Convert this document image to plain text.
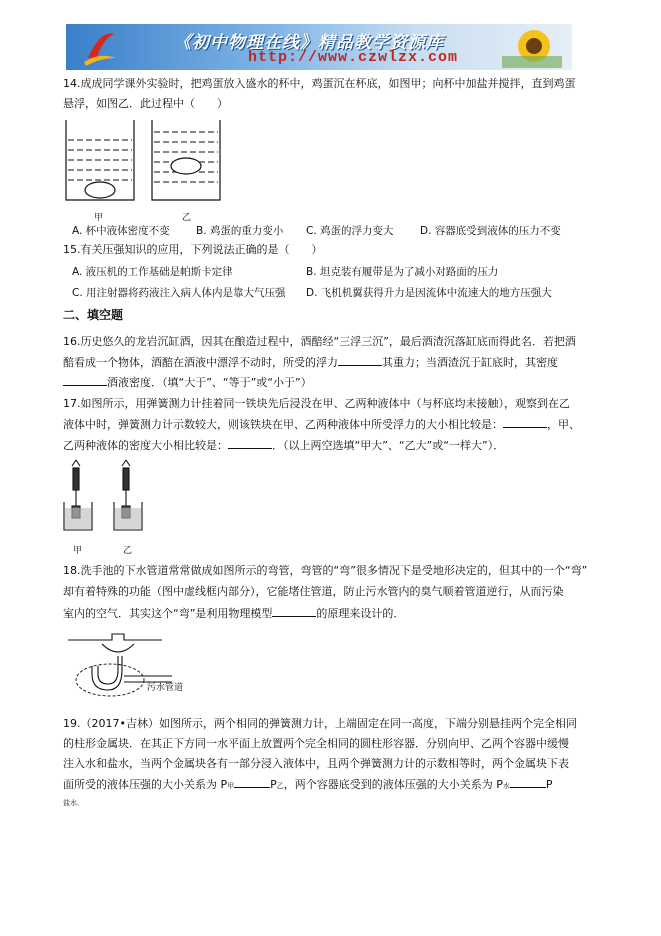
《初中物理在线》精品教学资源库
http://www.czwlzx.com
14.成成同学课外实验时，把鸡蛋放入盛水的杯中，鸡蛋沉在杯底，如图甲；向杯中加盐并搅拌，直到鸡蛋
悬浮，如图乙．此过程中（　　）
甲	乙
A. 杯中液体密度不变	B. 鸡蛋的重力变小 C. 鸡蛋的浮力变大	D. 容器底受到液体的压力不变
15.有关压强知识的应用，下列说法正确的是（　　）
A. 液压机的工作基础是帕斯卡定律	B. 坦克装有履带是为了减小对路面的压力
C. 用注射器将药液注入病人体内是靠大气压强 D. 飞机机翼获得升力是因流体中流速大的地方压强大
二、填空题
16.历史悠久的龙岩沉缸酒，因其在酿造过程中，酒醅经“三浮三沉”，最后酒渣沉落缸底而得此名．若把酒
醅看成一个物体，酒醅在酒液中漂浮不动时，所受的浮力	其重力；当酒渣沉于缸底时，其密度
酒液密度．（填“大于”、“等于”或“小于”）
17.如图所示，用弹簧测力计挂着同一铁块先后浸没在甲、乙两种液体中（与杯底均未接触），观察到在乙
液体中时，弹簧测力计示数较大，则该铁块在甲、乙两种液体中所受浮力的大小相比较是：	，甲、
乙两种液体的密度大小相比较是：	．（以上两空选填“甲大”、“乙大”或“一样大”）．
甲	乙
18.洗手池的下水管道常常做成如图所示的弯管，弯管的“弯”很多情况下是受地形决定的，但其中的一个“弯”
却有着特殊的功能（图中虚线框内部分），它能堵住管道，防止污水管内的臭气顺着管道逆行，从而污染
室内的空气．其实这个“弯”是利用物理模型	的原理来设计的．
污水管道
19.（2017•吉林）如图所示，两个相同的弹簧测力计，上端固定在同一高度，下端分别悬挂两个完全相同
的柱形金属块．在其正下方同一水平面上放置两个完全相同的圆柱形容器．分别向甲、乙两个容器中缓慢
注入水和盐水，当两个金属块各有一部分浸入液体中，且两个弹簧测力计的示数相等时，两个金属块下表
面所受的液体压强的大小关系为 P甲	P乙，两个容器底受到的液体压强的大小关系为 P水	P
盐水．
